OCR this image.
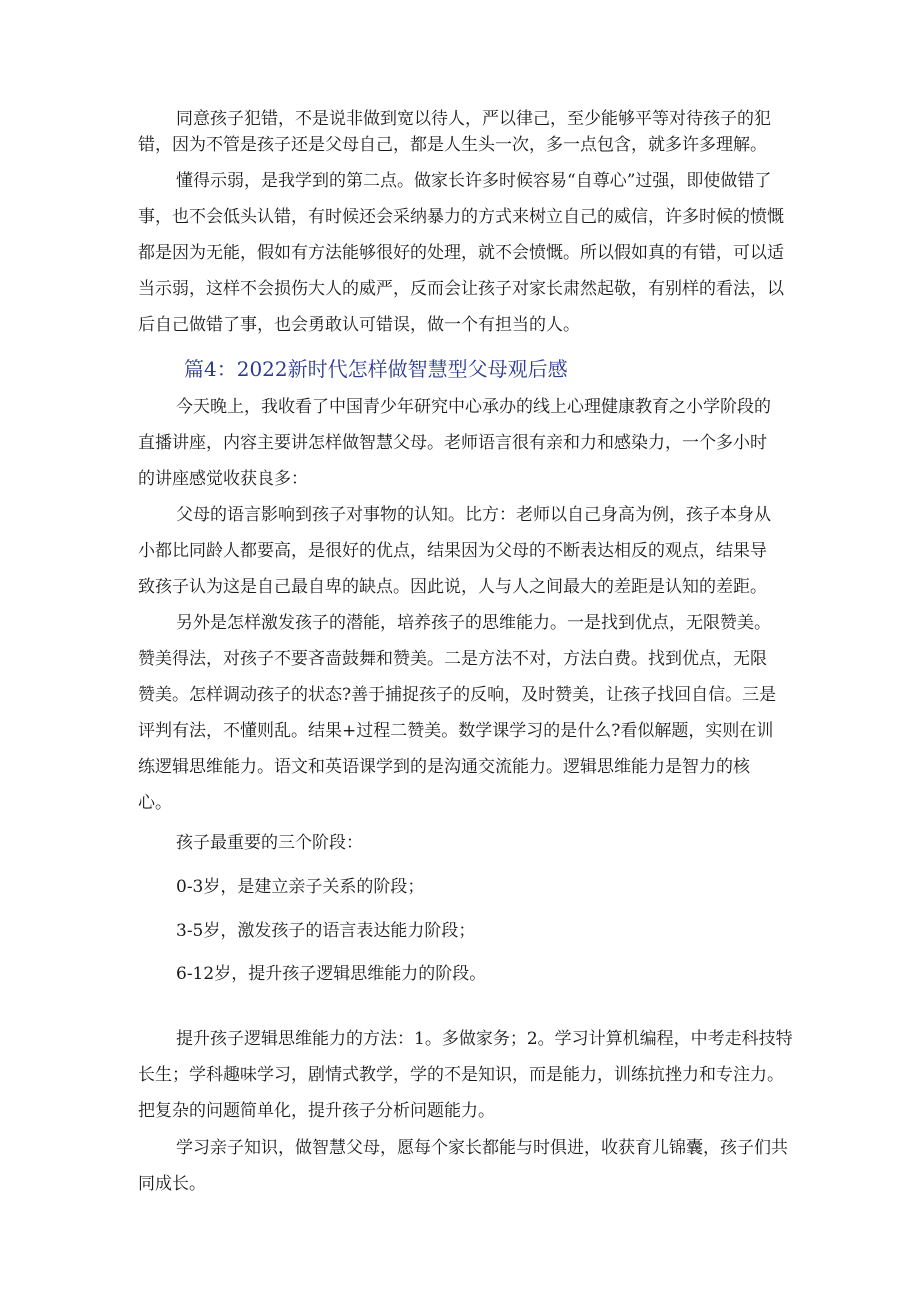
同意孩子犯错，不是说非做到宽以待人，严以律己，至少能够平等对待孩子的犯
错，因为不管是孩子还是父母自己，都是人生头一次，多一点包含，就多许多理解。
懂得示弱，是我学到的第二点。做家长许多时候容易“自尊心”过强，即使做错了
事，也不会低头认错，有时候还会采纳暴力的方式来树立自己的威信，许多时候的愤慨
都是因为无能，假如有方法能够很好的处理，就不会愤慨。所以假如真的有错，可以适
当示弱，这样不会损伤大人的威严，反而会让孩子对家长肃然起敬，有别样的看法，以
后自己做错了事，也会勇敢认可错误，做一个有担当的人。
篇4：2022新时代怎样做智慧型父母观后感
今天晚上，我收看了中国青少年研究中心承办的线上心理健康教育之小学阶段的
直播讲座，内容主要讲怎样做智慧父母。老师语言很有亲和力和感染力，一个多小时
的讲座感觉收获良多：
父母的语言影响到孩子对事物的认知。比方：老师以自己身高为例，孩子本身从
小都比同龄人都要高，是很好的优点，结果因为父母的不断表达相反的观点，结果导
致孩子认为这是自己最自卑的缺点。因此说，人与人之间最大的差距是认知的差距。
另外是怎样激发孩子的潜能，培养孩子的思维能力。一是找到优点，无限赞美。
赞美得法，对孩子不要吝啬鼓舞和赞美。二是方法不对，方法白费。找到优点，无限
赞美。怎样调动孩子的状态?善于捕捉孩子的反响，及时赞美，让孩子找回自信。三是
评判有法，不懂则乱。结果+过程二赞美。数学课学习的是什么?看似解题，实则在训
练逻辑思维能力。语文和英语课学到的是沟通交流能力。逻辑思维能力是智力的核
心。
孩子最重要的三个阶段：
0-3岁，是建立亲子关系的阶段；
3-5岁，激发孩子的语言表达能力阶段；
6-12岁，提升孩子逻辑思维能力的阶段。
提升孩子逻辑思维能力的方法：1。多做家务；2。学习计算机编程，中考走科技特
长生；学科趣味学习，剧情式教学，学的不是知识，而是能力，训练抗挫力和专注力。
把复杂的问题简单化，提升孩子分析问题能力。
学习亲子知识，做智慧父母，愿每个家长都能与时俱进，收获育儿锦囊，孩子们共
同成长。
